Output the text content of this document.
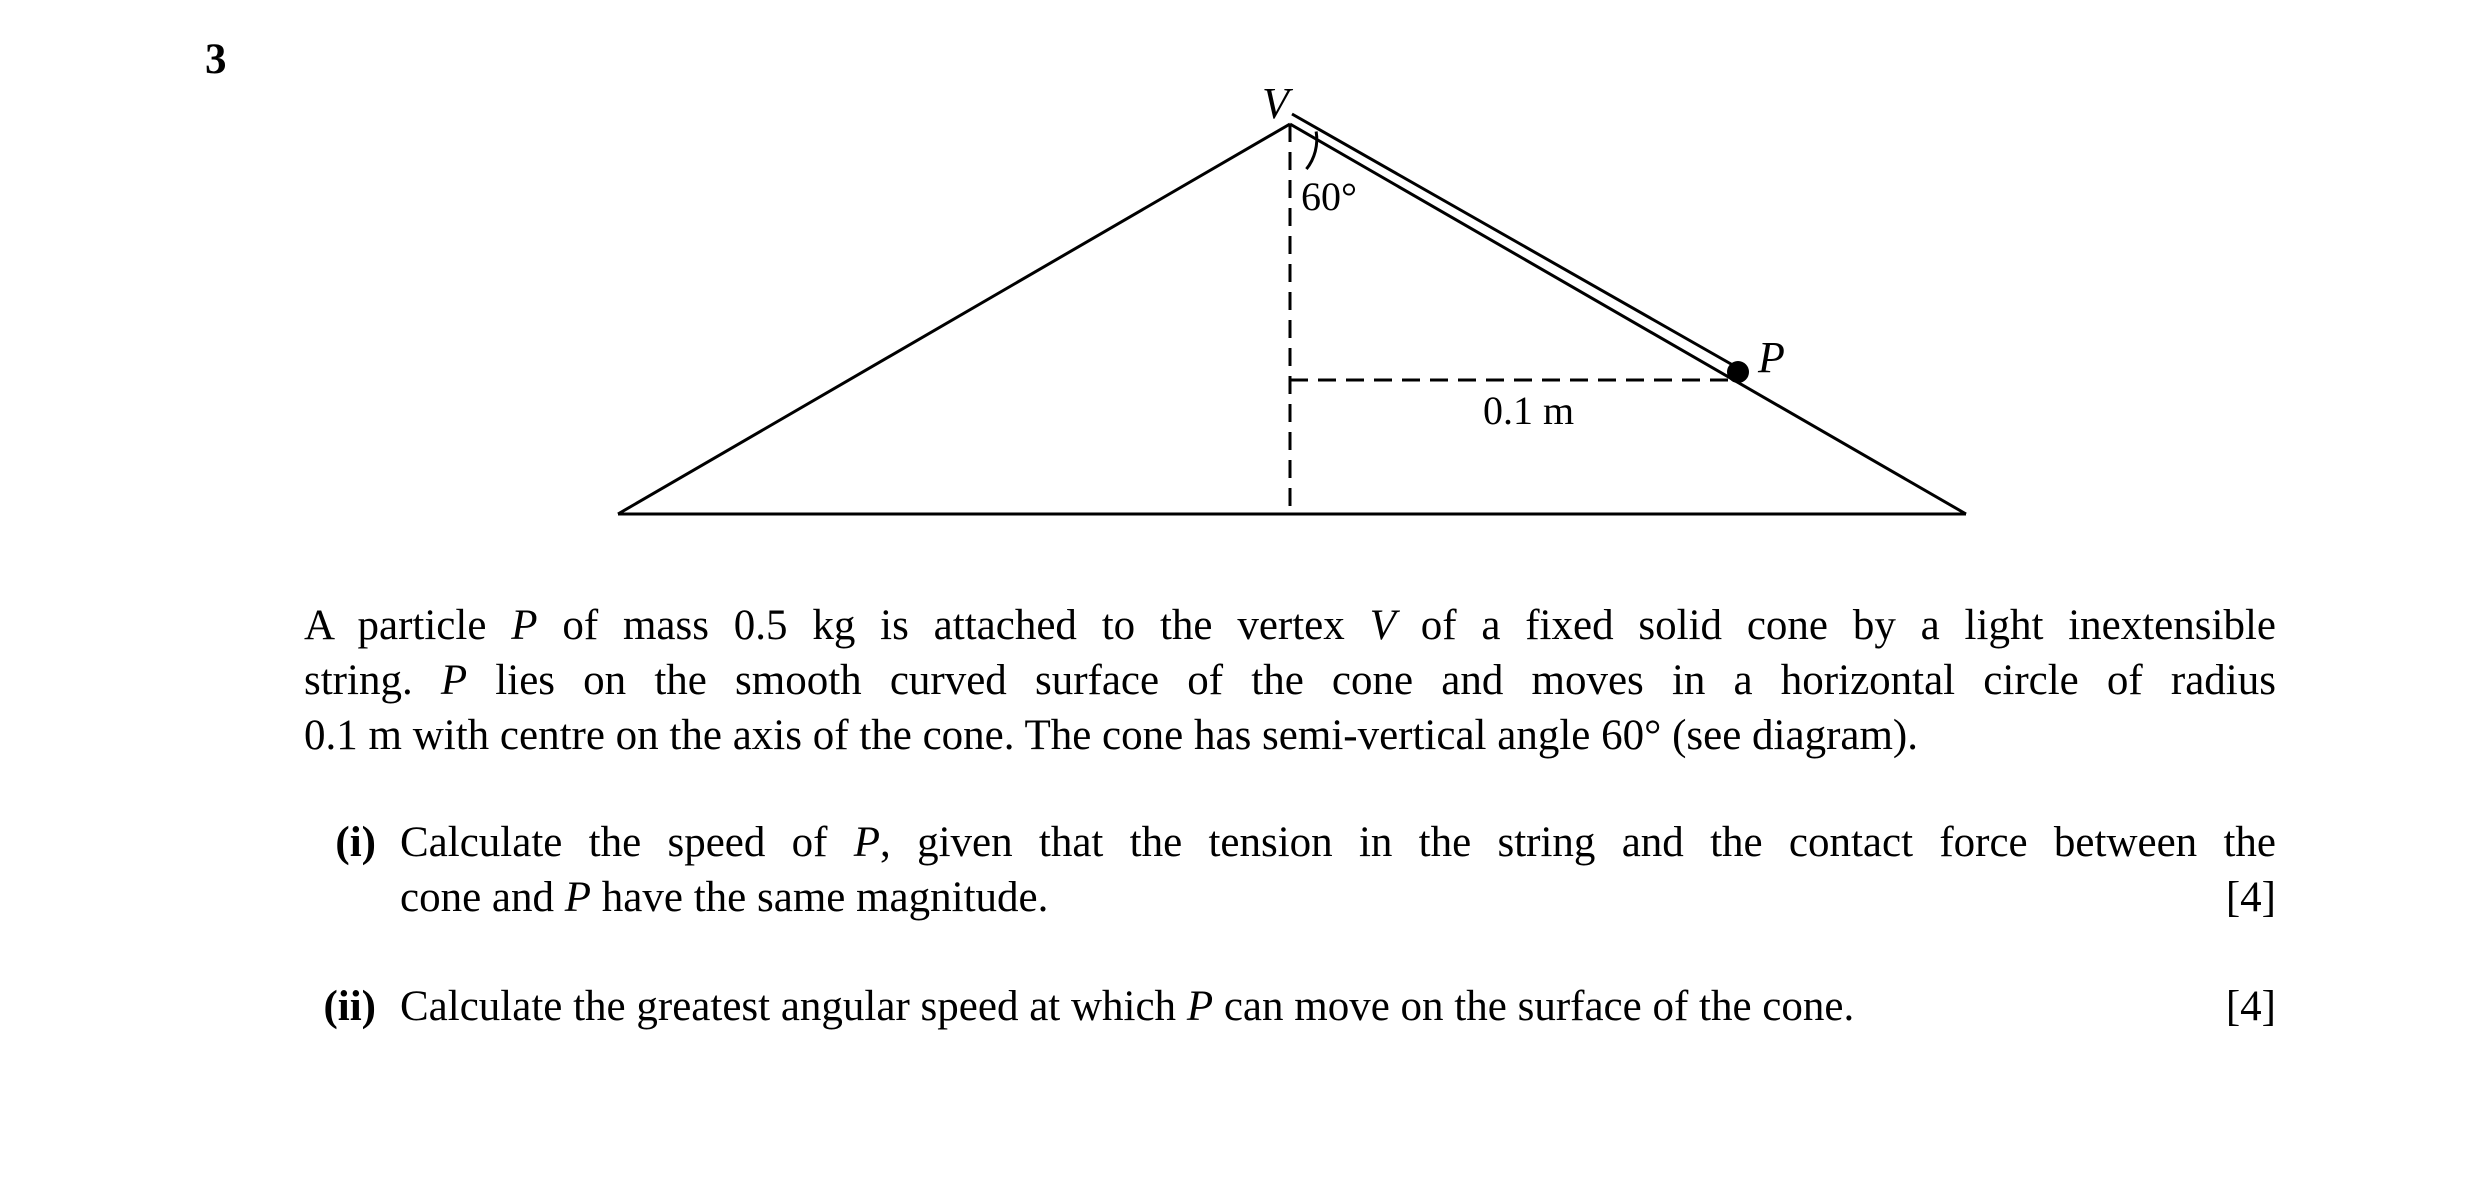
3
V
P
60°
0.1 m
A particle P of mass 0.5 kg is attached to the vertex V of a fixed solid cone by a light inextensible
string. P lies on the smooth curved surface of the cone and moves in a horizontal circle of radius
0.1 m with centre on the axis of the cone. The cone has semi-vertical angle 60° (see diagram).
(i) Calculate the speed of P, given that the tension in the string and the contact force between the
cone and P have the same magnitude.	[4]
(ii) Calculate the greatest angular speed at which P can move on the surface of the cone.	[4]
